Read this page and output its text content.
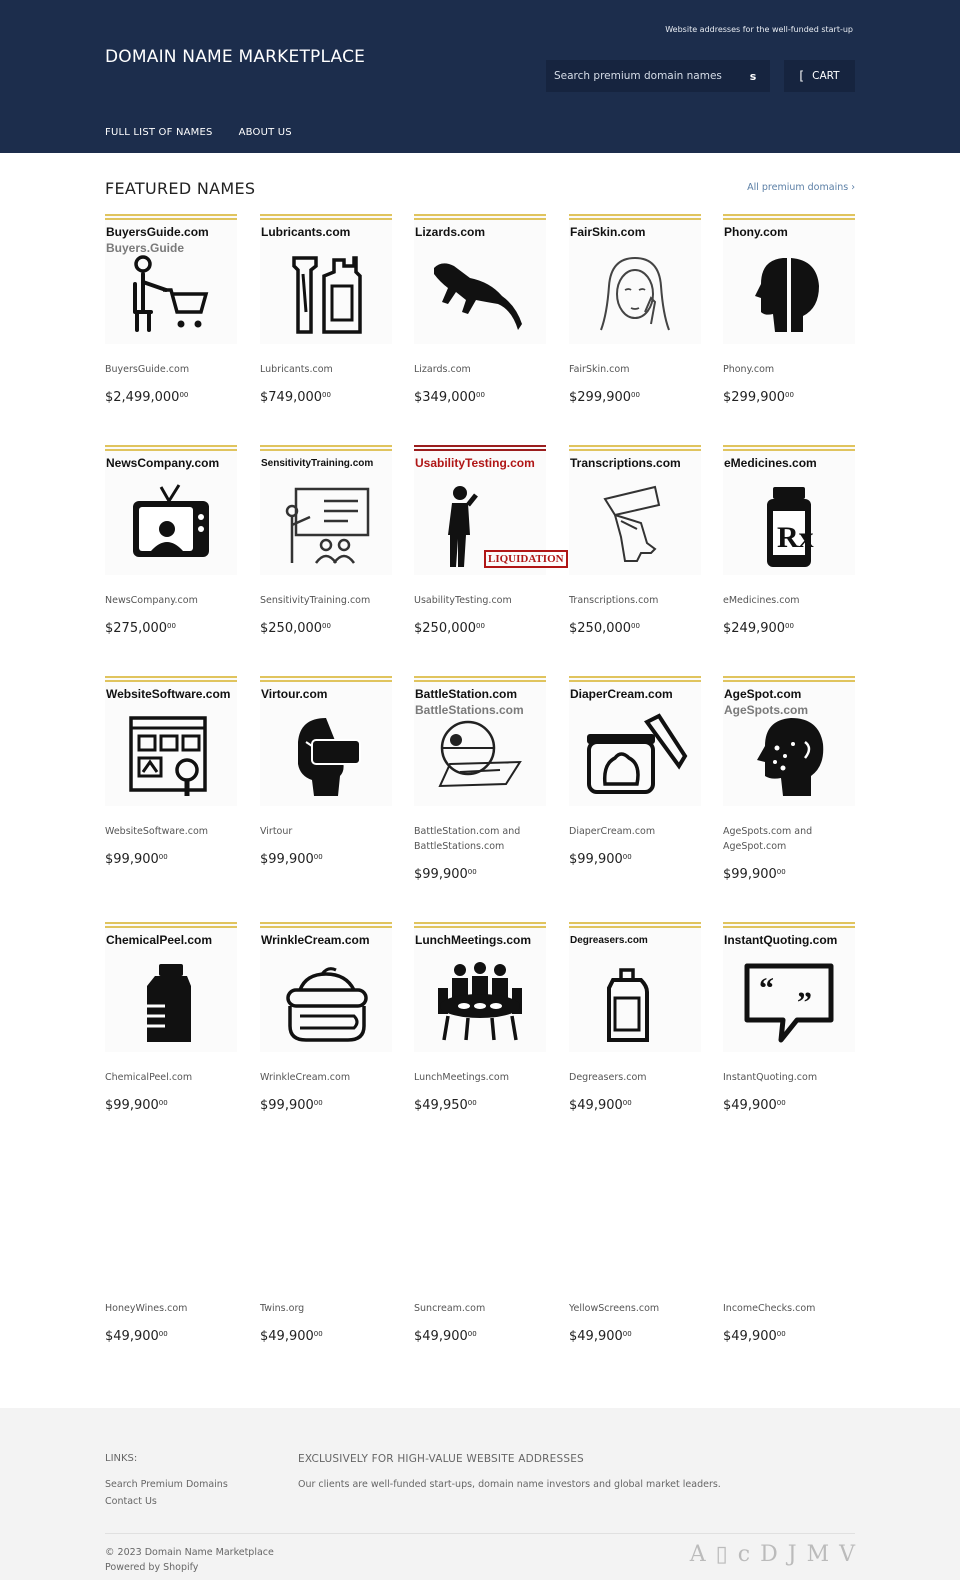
Website addresses for the well-funded start-up
DOMAIN NAME MARKETPLACE
Search premium domain names
s	[ CART
FULL LIST OF NAMES	ABOUT US
FEATURED NAMES	All premium domains ›
BuyersGuide.com
Buyers.Guide
BuyersGuide.com
$2,499,000$^{00}$
Lubricants.com
Lubricants.com
$749,000$^{00}$
Lizards.com
Lizards.com
$349,000$^{00}$
FairSkin.com
FairSkin.com
$299,900$^{00}$
Phony.com
Phony.com
$299,900$^{00}$
NewsCompany.com
NewsCompany.com
$275,000$^{00}$
SensitivityTraining.com
SensitivityTraining.com
$250,000$^{00}$
UsabilityTesting.com
LIQUIDATION
UsabilityTesting.com
$250,000$^{00}$
Transcriptions.com
Transcriptions.com
$250,000$^{00}$
eMedicines.com
Rx
eMedicines.com
$249,900$^{00}$
WebsiteSoftware.com
WebsiteSoftware.com
$99,900$^{00}$
Virtour.com
Virtour
$99,900$^{00}$
BattleStation.com
BattleStations.com
BattleStation.com and BattleStations.com
$99,900$^{00}$
DiaperCream.com
DiaperCream.com
$99,900$^{00}$
AgeSpot.com
AgeSpots.com
AgeSpots.com and AgeSpot.com
$99,900$^{00}$
ChemicalPeel.com
ChemicalPeel.com
$99,900$^{00}$
WrinkleCream.com
WrinkleCream.com
$99,900$^{00}$
LunchMeetings.com
LunchMeetings.com
$49,950$^{00}$
Degreasers.com
Degreasers.com
$49,900$^{00}$
InstantQuoting.com
“ ”
InstantQuoting.com
$49,900$^{00}$
HoneyWines.com
$49,900$^{00}$
Twins.org
$49,900$^{00}$
Suncream.com
$49,900$^{00}$
YellowScreens.com
$49,900$^{00}$
IncomeChecks.com
$49,900$^{00}$
LINKS:
Search Premium Domains
Contact Us
EXCLUSIVELY FOR HIGH-VALUE WEBSITE ADDRESSES
Our clients are well-funded start-ups, domain name investors and global market leaders.
© 2023 Domain Name Marketplace
Powered by Shopify
A ▯ c D J M V
